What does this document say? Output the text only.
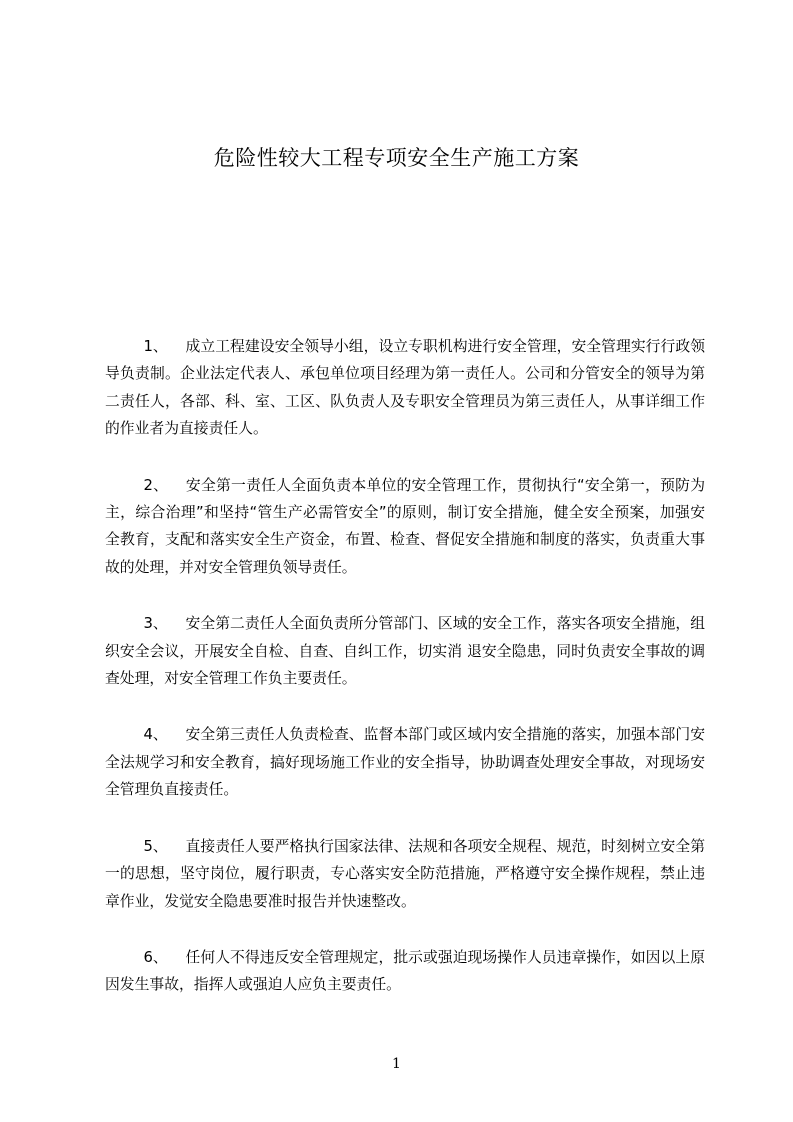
危险性较大工程专项安全生产施工方案

1、 成立工程建设安全领导小组，设立专职机构进行安全管理，安全管理实行行政领导负责制。企业法定代表人、承包单位项目经理为第一责任人。公司和分管安全的领导为第二责任人，各部、科、室、工区、队负责人及专职安全管理员为第三责任人，从事详细工作的作业者为直接责任人。

2、 安全第一责任人全面负责本单位的安全管理工作，贯彻执行“安全第一，预防为主，综合治理”和坚持“管生产必需管安全”的原则，制订安全措施，健全安全预案，加强安全教育，支配和落实安全生产资金，布置、检查、督促安全措施和制度的落实，负责重大事故的处理，并对安全管理负领导责任。

3、 安全第二责任人全面负责所分管部门、区域的安全工作，落实各项安全措施，组织安全会议，开展安全自检、自查、自纠工作，切实消 退安全隐患，同时负责安全事故的调查处理，对安全管理工作负主要责任。

4、 安全第三责任人负责检查、监督本部门或区域内安全措施的落实，加强本部门安全法规学习和安全教育，搞好现场施工作业的安全指导，协助调查处理安全事故，对现场安全管理负直接责任。

5、 直接责任人要严格执行国家法律、法规和各项安全规程、规范，时刻树立安全第一的思想，坚守岗位，履行职责，专心落实安全防范措施，严格遵守安全操作规程，禁止违章作业，发觉安全隐患要准时报告并快速整改。

6、 任何人不得违反安全管理规定，批示或强迫现场操作人员违章操作，如因以上原因发生事故，指挥人或强迫人应负主要责任。

1
